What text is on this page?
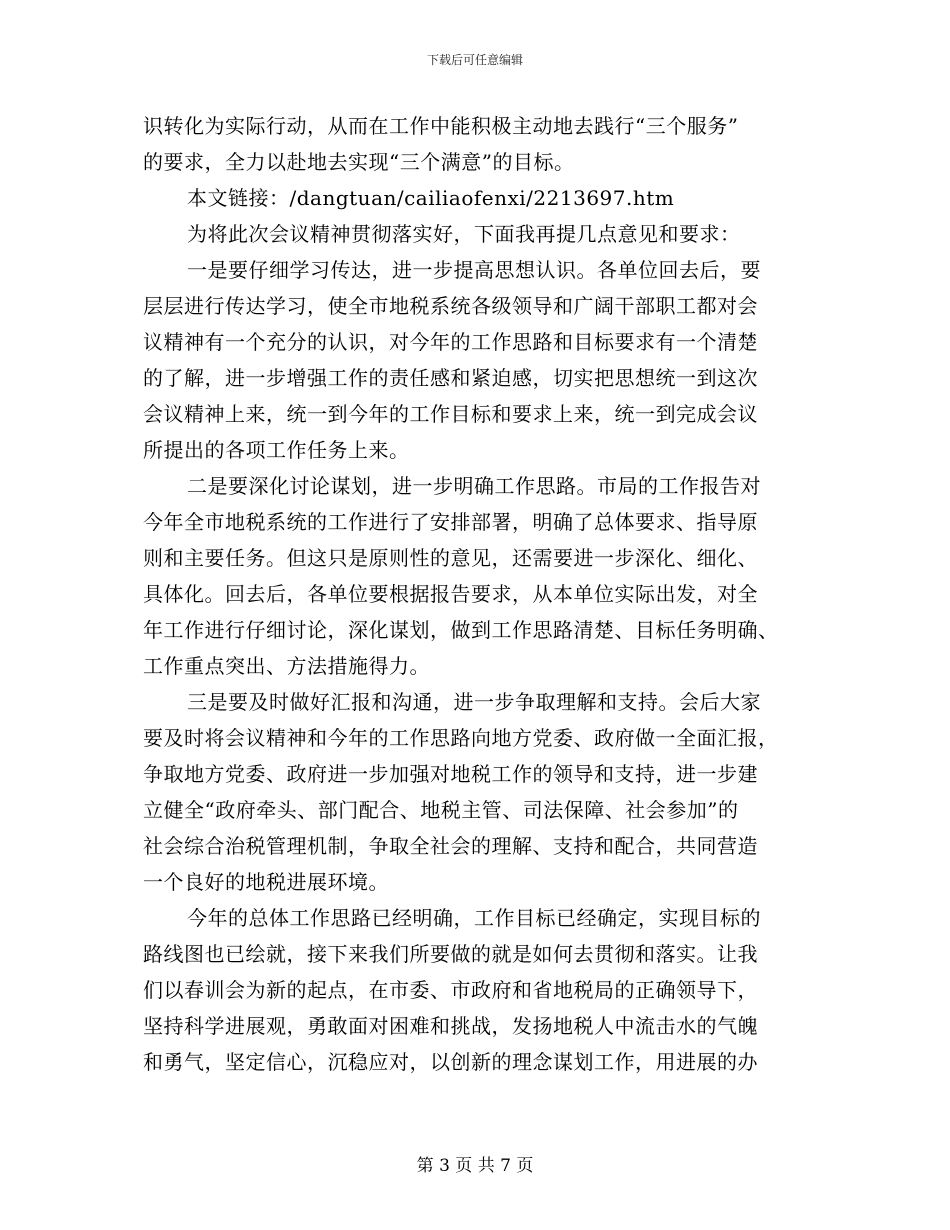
下载后可任意编辑
识转化为实际行动，从而在工作中能积极主动地去践行“三个服务”
的要求，全力以赴地去实现“三个满意”的目标。
本文链接：/dangtuan/cailiaofenxi/2213697.htm
为将此次会议精神贯彻落实好，下面我再提几点意见和要求：
一是要仔细学习传达，进一步提高思想认识。各单位回去后，要
层层进行传达学习，使全市地税系统各级领导和广阔干部职工都对会
议精神有一个充分的认识，对今年的工作思路和目标要求有一个清楚
的了解，进一步增强工作的责任感和紧迫感，切实把思想统一到这次
会议精神上来，统一到今年的工作目标和要求上来，统一到完成会议
所提出的各项工作任务上来。
二是要深化讨论谋划，进一步明确工作思路。市局的工作报告对
今年全市地税系统的工作进行了安排部署，明确了总体要求、指导原
则和主要任务。但这只是原则性的意见，还需要进一步深化、细化、
具体化。回去后，各单位要根据报告要求，从本单位实际出发，对全
年工作进行仔细讨论，深化谋划，做到工作思路清楚、目标任务明确、
工作重点突出、方法措施得力。
三是要及时做好汇报和沟通，进一步争取理解和支持。会后大家
要及时将会议精神和今年的工作思路向地方党委、政府做一全面汇报，
争取地方党委、政府进一步加强对地税工作的领导和支持，进一步建
立健全“政府牵头、部门配合、地税主管、司法保障、社会参加”的
社会综合治税管理机制，争取全社会的理解、支持和配合，共同营造
一个良好的地税进展环境。
今年的总体工作思路已经明确，工作目标已经确定，实现目标的
路线图也已绘就，接下来我们所要做的就是如何去贯彻和落实。让我
们以春训会为新的起点，在市委、市政府和省地税局的正确领导下，
坚持科学进展观，勇敢面对困难和挑战，发扬地税人中流击水的气魄
和勇气，坚定信心，沉稳应对，以创新的理念谋划工作，用进展的办
第 3 页 共 7 页
